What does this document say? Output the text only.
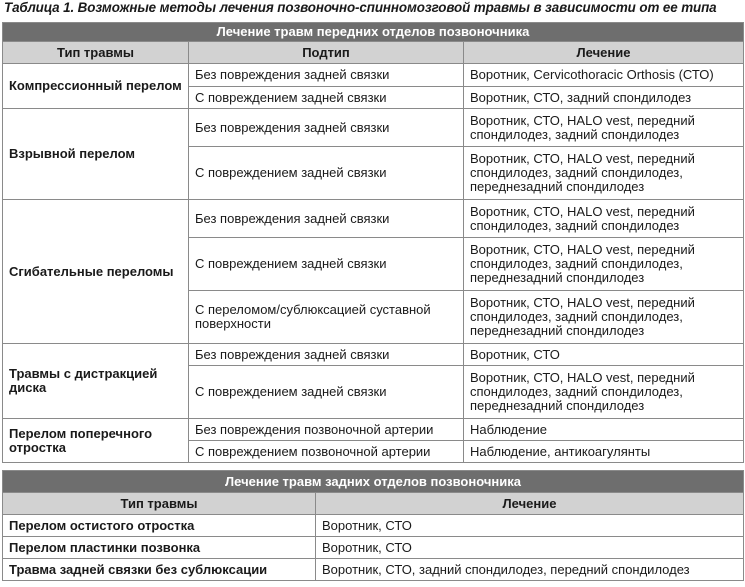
Таблица 1. Возможные методы лечения позвоночно-спинномозговой травмы в зависимости от ее типа
Лечение травм передних отделов позвоночника		
Тип травмы	Подтип	Лечение
Компрессионный перелом	Без повреждения задней связки	Воротник, Cervicothoracic Orthosis (СТО)
	С повреждением задней связки	Воротник, СТО, задний спондилодез
Взрывной перелом	Без повреждения задней связки	Воротник, СТО, HALO vest, передний спондилодез, задний спондилодез
	С повреждением задней связки	Воротник, СТО, HALO vest, передний спондилодез, задний спондилодез, переднезадний спондилодез
Сгибательные переломы	Без повреждения задней связки	Воротник, СТО, HALO vest, передний спондилодез, задний спондилодез
	С повреждением задней связки	Воротник, СТО, HALO vest, передний спондилодез, задний спондилодез, переднезадний спондилодез
	С переломом/сублюксацией суставной поверхности	Воротник, СТО, HALO vest, передний спондилодез, задний спондилодез, переднезадний спондилодез
Травмы с дистракцией диска	Без повреждения задней связки	Воротник, СТО
	С повреждением задней связки	Воротник, СТО, HALO vest, передний спондилодез, задний спондилодез, переднезадний спондилодез
Перелом поперечного отростка	Без повреждения позвоночной артерии	Наблюдение
	С повреждением позвоночной артерии	Наблюдение, антикоагулянты
Лечение травм задних отделов позвоночника	
Тип травмы	Лечение
Перелом остистого отростка	Воротник, СТО
Перелом пластинки позвонка	Воротник, СТО
Травма задней связки без сублюксации	Воротник, СТО, задний спондилодез, передний спондилодез
